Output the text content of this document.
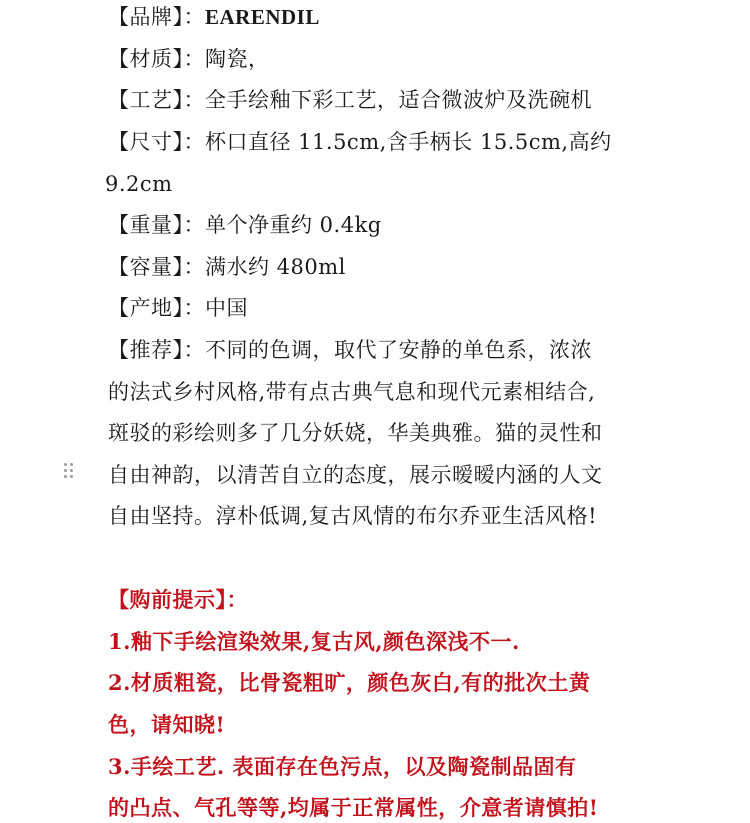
【品牌】：EARENDIL
【材质】：陶瓷，
【工艺】：全手绘釉下彩工艺，适合微波炉及洗碗机
【尺寸】：杯口直径 11.5cm,含手柄长 15.5cm,高约
9.2cm
【重量】：单个净重约 0.4kg
【容量】：满水约 480ml
【产地】：中国
【推荐】：不同的色调，取代了安静的单色系，浓浓
的法式乡村风格,带有点古典气息和现代元素相结合,
斑驳的彩绘则多了几分妖娆，华美典雅。猫的灵性和
自由神韵，以清苦自立的态度，展示暧暧内涵的人文
自由坚持。淳朴低调,复古风情的布尔乔亚生活风格!
【购前提示】：
1.釉下手绘渲染效果,复古风,颜色深浅不一.
2.材质粗瓷，比骨瓷粗旷，颜色灰白,有的批次土黄
色，请知晓!
3.手绘工艺. 表面存在色污点，以及陶瓷制品固有
的凸点、气孔等等,均属于正常属性，介意者请慎拍!
